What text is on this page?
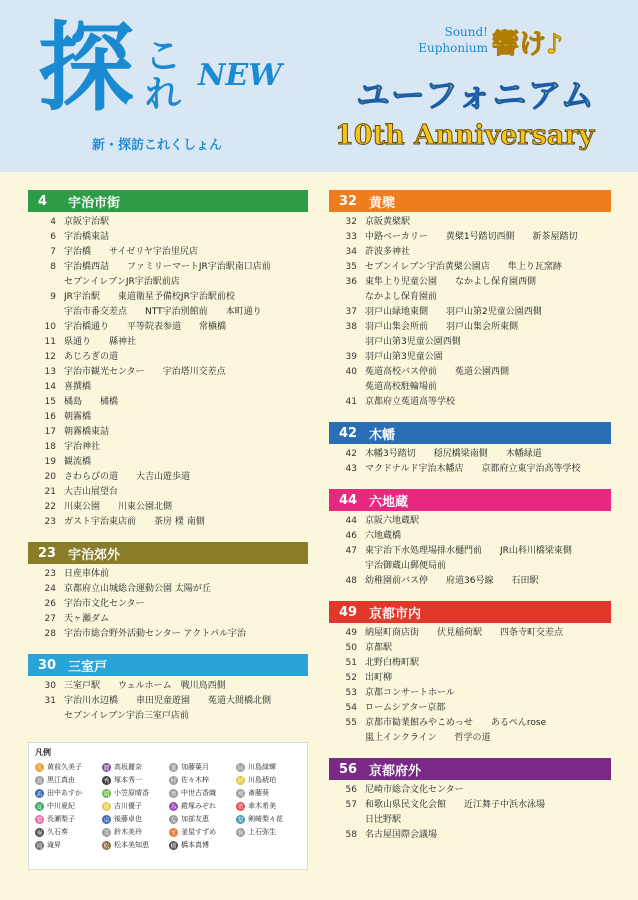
探 これ NEW
新・探訪これくしょん
Sound!
Euphonium 響け♪
ユーフォニアム
10th Anniversary
4	宇治市街
4 京阪宇治駅
6 宇治橋東詰
7 宇治橋　　サイゼリヤ宇治里尻店
8 宇治橋西詰　　ファミリーマートJR宇治駅南口店前
セブンイレブンJR宇治駅前店
9 JR宇治駅　　東道衛星予備校JR宇治駅前校
宇治市番交差点　　NTT宇治別館前　　本町通り
10 宇治橋通り　　平等院表参道　　常槇橋
11 県通り　　縣神社
12 あじろぎの道
13 宇治市観光センター　　宇治塔川交差点
14 喜撰橋
15 橘島　　橘橋
16 朝霧橋
17 朝霧橋東詰
18 宇治神社
19 観流橋
20 さわらびの道　　大吉山遊歩道
21 大吉山展望台
22 川東公園　　川東公園北側
23 ガスト宇治東店前　　茶房 樸 南側
23 宇治郊外
23 日産車体前
24 京都府立山城総合運動公園 太陽が丘
26 宇治市文化センター
27 天ヶ瀬ダム
28 宇治市総合野外活動センター アクトパル宇治
30 三室戸
30 三室戸駅　　ウェルホーム　戦川鳥西側
31 宇治川水辺橋　　車田児童遊園　　菟道大間橋北側
セブンイレブン宇治三室戸店前
32 黄檗
32 京阪黄檗駅
33 中路ベーカリー　　黄檗1号踏切西側　　新茶屋踏切
34 許波多神社
35 セブンイレブン宇治黄檗公園店　　隼上り瓦窯跡
36 東隼上り児童公園　　なかよし保育園西側
なかよし保育園前
37 羽戸山緑地東側　　羽戸山第2児童公園西側
38 羽戸山集会所前　　羽戸山集会所東側
羽戸山第3児童公園西側
39 羽戸山第3児童公園
40 菟道高校バス停前　　菟道公園西側
菟道高校駐輪場前
41 京都府立菟道高等学校
42 木幡
42 木幡3号踏切　　穏尻橋梁南側　　木幡緑道
43 マクドナルド宇治木幡店　　京都府立東宇治高等学校
44 六地蔵
44 京阪六地蔵駅
46 六地蔵橋
47 東宇治下水処理場排水樋門前　　JR山科川橋梁東側
宇治御蔵山郵便局前
48 幼稚園前バス停　　府道36号線　　石田駅
49 京都市内
49 納屋町商店街　　伏見稲荷駅　　四条寺町交差点
50 京都駅
51 北野白梅町駅
52 出町柳
53 京都コンサートホール
54 ロームシアター京都
55 京都市勧業館みやこめっせ　　あるぺんrose
嵐上インクライン　　哲学の道
56 京都府外
56 尼崎市総合文化センター
57 和歌山県民文化会館　　近江舞子中浜水泳場
日比野駅
58 名古屋国際会議場
凡例
久 黄前久美子	麗 高坂麗奈	葉 加藤葉月	緑 川島緑輝
真 黒江真由	秀 塚本秀一	梓 佐々木梓	琥 川島琥珀
あ 田中あすか	晴 小笠原晴香	香 中世古香織	葵 斎藤葵
夏 中川夏紀	優 吉川優子	み 鎧塚みぞれ	希 傘木希美
梨 長瀬梨子	卓 後藤卓也	友 加部友恵	梨 剣崎梨々花
奏 久石奏	美 鈴木美玲	す 釜屋すずめ	弥 上石弥生
滝 滝昇	松 松本美知恵	橋 橋本真博
